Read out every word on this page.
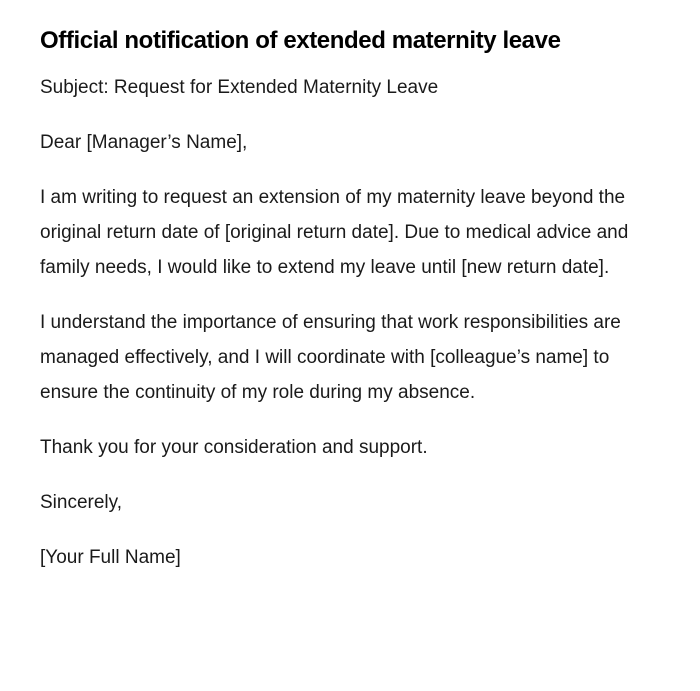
Official notification of extended maternity leave

Subject: Request for Extended Maternity Leave

Dear [Manager’s Name],

I am writing to request an extension of my maternity leave beyond the original return date of [original return date]. Due to medical advice and family needs, I would like to extend my leave until [new return date].

I understand the importance of ensuring that work responsibilities are managed effectively, and I will coordinate with [colleague’s name] to ensure the continuity of my role during my absence.

Thank you for your consideration and support.

Sincerely,

[Your Full Name]
